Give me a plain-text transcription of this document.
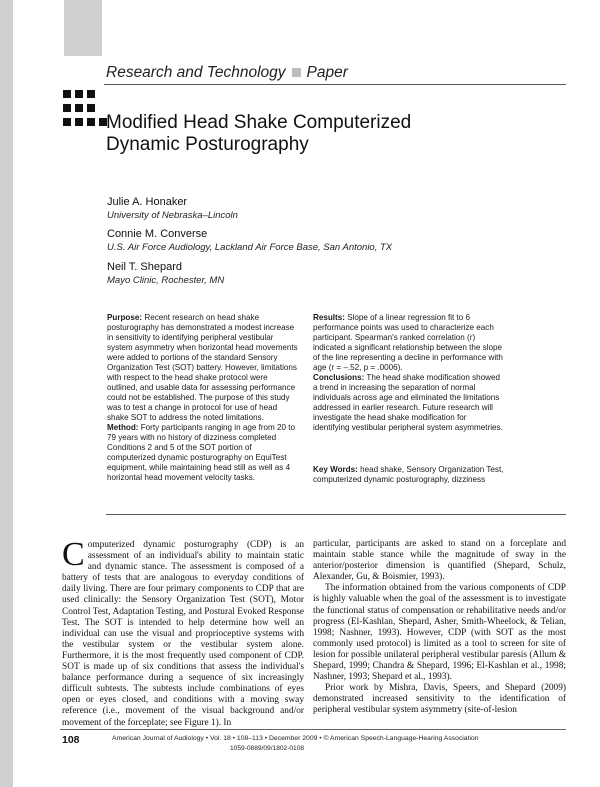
Research and Technology Paper
Modified Head Shake Computerized
Dynamic Posturography
Julie A. Honaker
University of Nebraska–Lincoln
Connie M. Converse
U.S. Air Force Audiology, Lackland Air Force Base, San Antonio, TX
Neil T. Shepard
Mayo Clinic, Rochester, MN

Purpose: Recent research on head shake posturography has demonstrated a modest increase in sensitivity to identifying peripheral vestibular system asymmetry when horizontal head movements were added to portions of the standard Sensory Organization Test (SOT) battery. However, limitations with respect to the head shake protocol were outlined, and usable data for assessing performance could not be established. The purpose of this study was to test a change in protocol for use of head shake SOT to address the noted limitations.

Method: Forty participants ranging in age from 20 to 79 years with no history of dizziness completed Conditions 2 and 5 of the SOT portion of computerized dynamic posturography on EquiTest equipment, while maintaining head still as well as 4 horizontal head movement velocity tasks.

Results: Slope of a linear regression fit to 6 performance points was used to characterize each participant. Spearman's ranked correlation (r) indicated a significant relationship between the slope of the line representing a decline in performance with age (r = –.52, p = .0006).

Conclusions: The head shake modification showed a trend in increasing the separation of normal individuals across age and eliminated the limitations addressed in earlier research. Future research will investigate the head shake modification for identifying vestibular peripheral system asymmetries.

Key Words: head shake, Sensory Organization Test, computerized dynamic posturography, dizziness

Computerized dynamic posturography (CDP) is an assessment of an individual's ability to maintain static and dynamic stance. The assessment is composed of a battery of tests that are analogous to everyday conditions of daily living. There are four primary components to CDP that are used clinically: the Sensory Organization Test (SOT), Motor Control Test, Adaptation Testing, and Postural Evoked Response Test. The SOT is intended to help determine how well an individual can use the visual and proprioceptive systems with the vestibular system or the vestibular system alone. Furthermore, it is the most frequently used component of CDP. SOT is made up of six conditions that assess the individual's balance performance during a sequence of six increasingly difficult subtests. The subtests include combinations of eyes open or eyes closed, and conditions with a moving sway reference (i.e., movement of the visual background and/or movement of the forceplate; see Figure 1). In

particular, participants are asked to stand on a forceplate and maintain stable stance while the magnitude of sway in the anterior/posterior dimension is quantified (Shepard, Schulz, Alexander, Gu, & Boismier, 1993).

The information obtained from the various components of CDP is highly valuable when the goal of the assessment is to investigate the functional status of compensation or rehabilitative needs and/or progress (El-Kashlan, Shepard, Asher, Smith-Wheelock, & Telian, 1998; Nashner, 1993). However, CDP (with SOT as the most commonly used protocol) is limited as a tool to screen for site of lesion for possible unilateral peripheral vestibular paresis (Allum & Shepard, 1999; Chandra & Shepard, 1996; El-Kashlan et al., 1998; Nashner, 1993; Shepard et al., 1993).

Prior work by Mishra, Davis, Speers, and Shepard (2009) demonstrated increased sensitivity to the identification of peripheral vestibular system asymmetry (site-of-lesion

108	American Journal of Audiology • Vol. 18 • 108–113 • December 2009 • © American Speech-Language-Hearing Association
1059-0889/09/1802-0108
